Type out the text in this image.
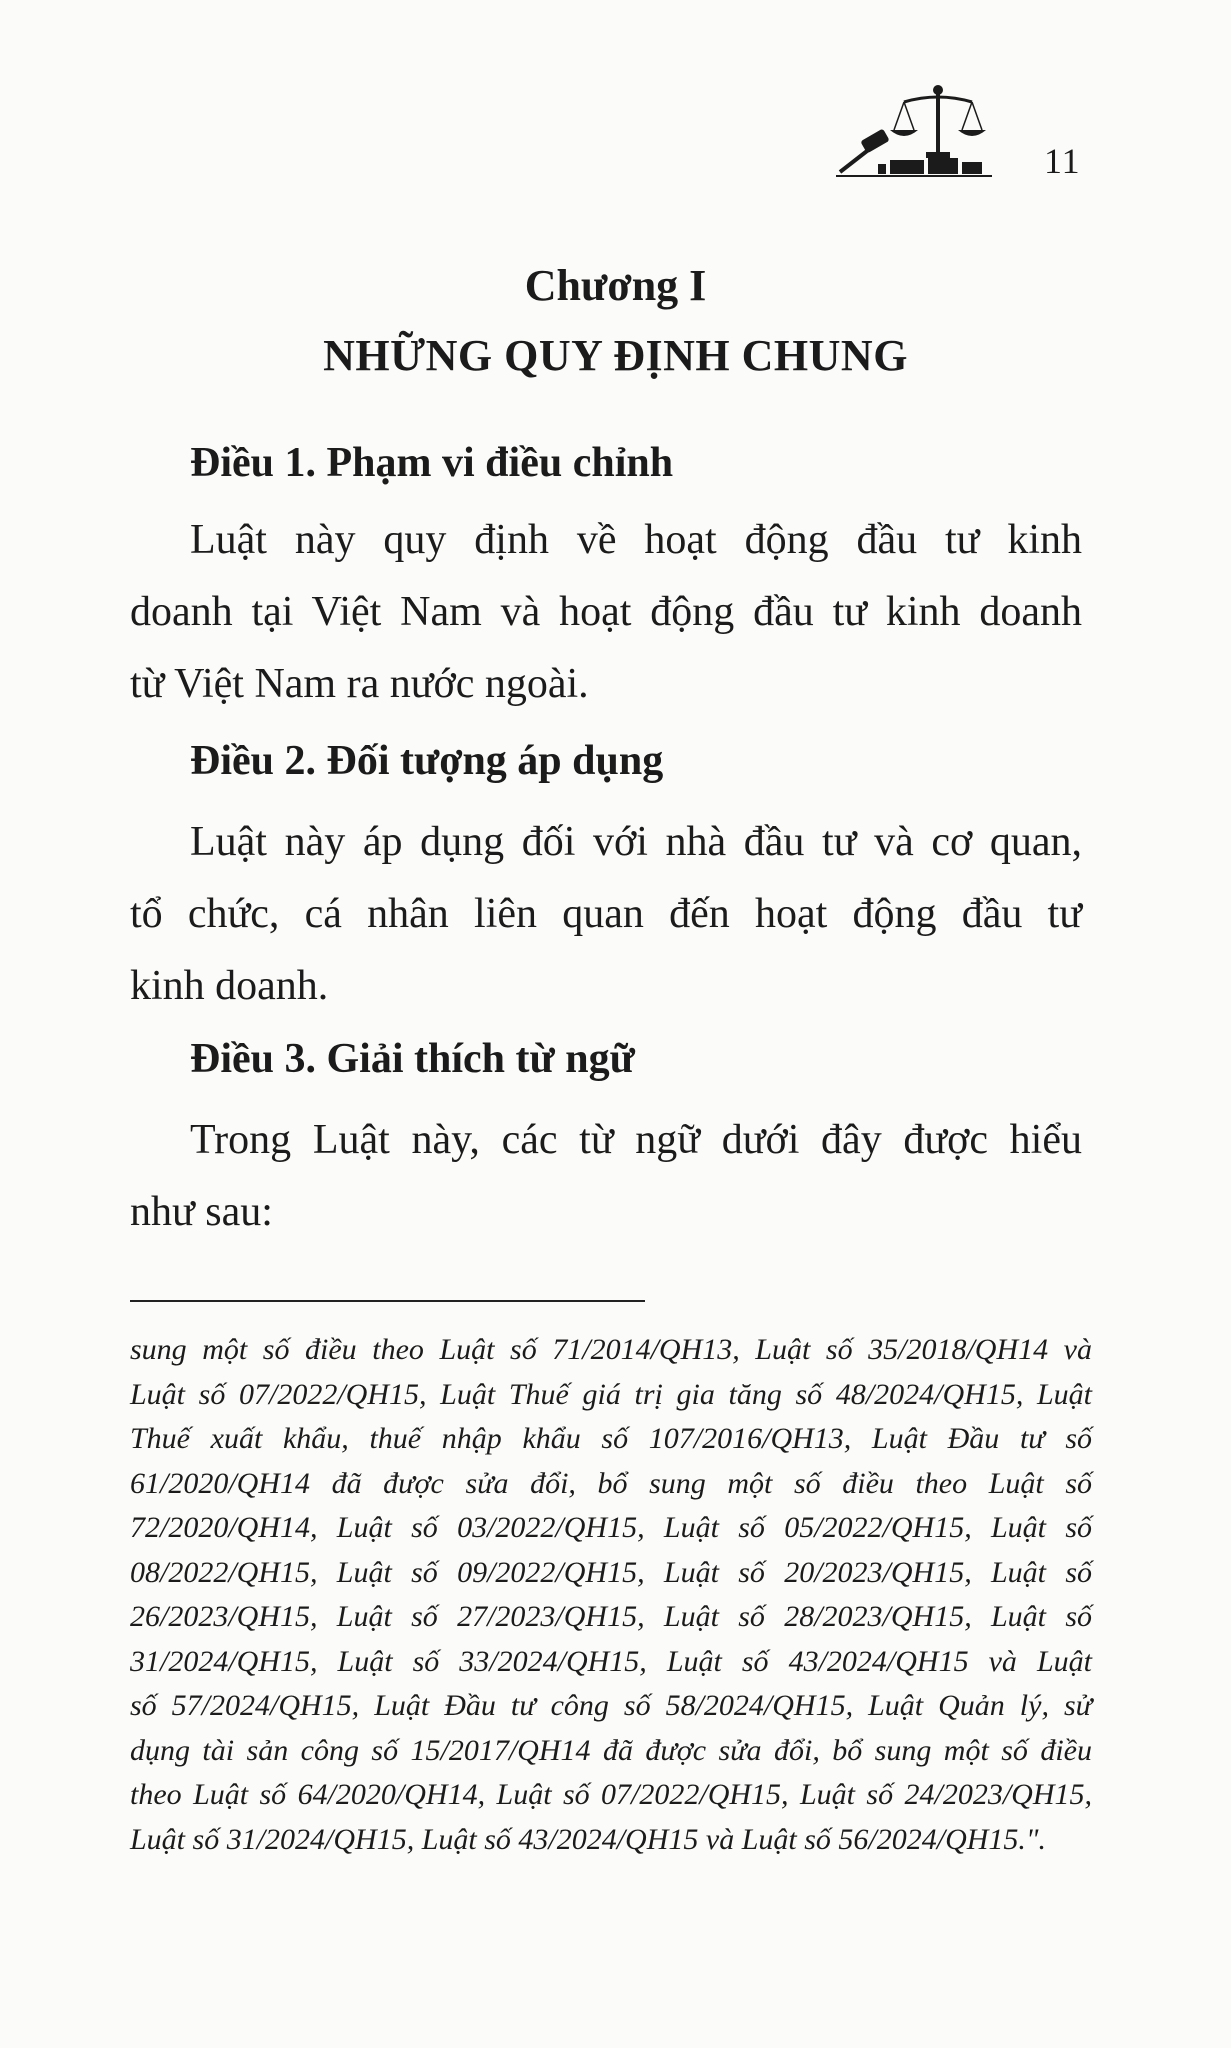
11
Chương I
NHỮNG QUY ĐỊNH CHUNG
Điều 1. Phạm vi điều chỉnh
Luật này quy định về hoạt động đầu tư kinh
doanh tại Việt Nam và hoạt động đầu tư kinh doanh
từ Việt Nam ra nước ngoài.
Điều 2. Đối tượng áp dụng
Luật này áp dụng đối với nhà đầu tư và cơ quan,
tổ chức, cá nhân liên quan đến hoạt động đầu tư
kinh doanh.
Điều 3. Giải thích từ ngữ
Trong Luật này, các từ ngữ dưới đây được hiểu
như sau:
sung một số điều theo Luật số 71/2014/QH13, Luật số 35/2018/QH14 và
Luật số 07/2022/QH15, Luật Thuế giá trị gia tăng số 48/2024/QH15, Luật
Thuế xuất khẩu, thuế nhập khẩu số 107/2016/QH13, Luật Đầu tư số
61/2020/QH14 đã được sửa đổi, bổ sung một số điều theo Luật số
72/2020/QH14, Luật số 03/2022/QH15, Luật số 05/2022/QH15, Luật số
08/2022/QH15, Luật số 09/2022/QH15, Luật số 20/2023/QH15, Luật số
26/2023/QH15, Luật số 27/2023/QH15, Luật số 28/2023/QH15, Luật số
31/2024/QH15, Luật số 33/2024/QH15, Luật số 43/2024/QH15 và Luật
số 57/2024/QH15, Luật Đầu tư công số 58/2024/QH15, Luật Quản lý, sử
dụng tài sản công số 15/2017/QH14 đã được sửa đổi, bổ sung một số điều
theo Luật số 64/2020/QH14, Luật số 07/2022/QH15, Luật số 24/2023/QH15,
Luật số 31/2024/QH15, Luật số 43/2024/QH15 và Luật số 56/2024/QH15.".
